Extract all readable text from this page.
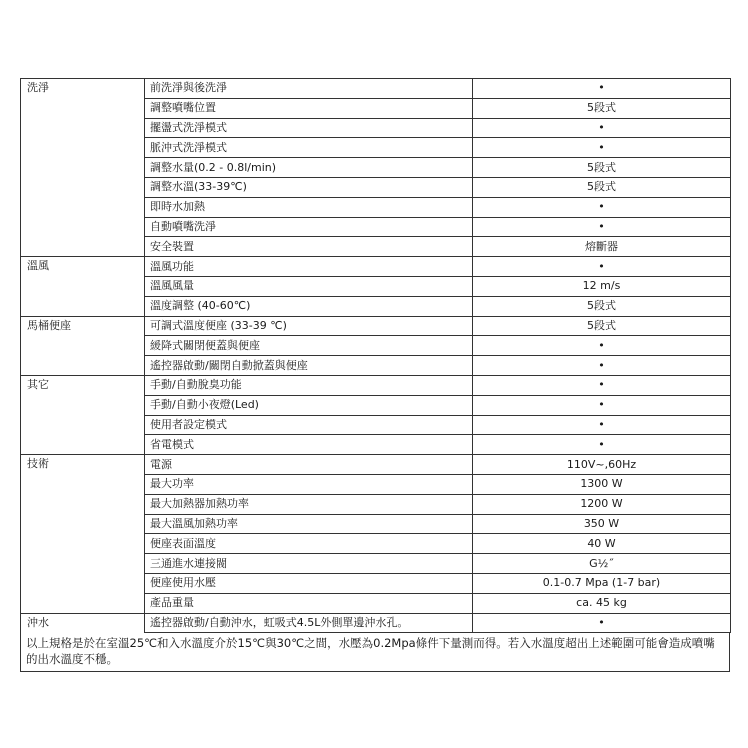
洗淨	前洗淨與後洗淨	•
	調整噴嘴位置	5段式
	擺盪式洗淨模式	•
	脈沖式洗淨模式	•
	調整水量(0.2 - 0.8l/min)	5段式
	調整水溫(33-39℃)	5段式
	即時水加熱	•
	自動噴嘴洗淨	•
	安全裝置	熔斷器
溫風	溫風功能	•
	溫風風量	12 m/s
	溫度調整 (40-60℃)	5段式
馬桶便座	可調式溫度便座 (33-39 ℃)	5段式
	緩降式關閉便蓋與便座	•
	遙控器啟動/關閉自動掀蓋與便座	•
其它	手動/自動脫臭功能	•
	手動/自動小夜燈(Led)	•
	使用者設定模式	•
	省電模式	•
技術	電源	110V~,60Hz
	最大功率	1300 W
	最大加熱器加熱功率	1200 W
	最大溫風加熱功率	350 W
	便座表面溫度	40 W
	三通進水連接閥	G½˝
	便座使用水壓	0.1-0.7 Mpa (1-7 bar)
	產品重量	ca. 45 kg
沖水	遙控器啟動/自動沖水，虹吸式4.5L外側單邊沖水孔。	•
以上規格是於在室溫25℃和入水溫度介於15℃與30℃之間，水壓為0.2Mpa條件下量測而得。若入水溫度超出上述範圍可能會造成噴嘴的出水溫度不穩。
